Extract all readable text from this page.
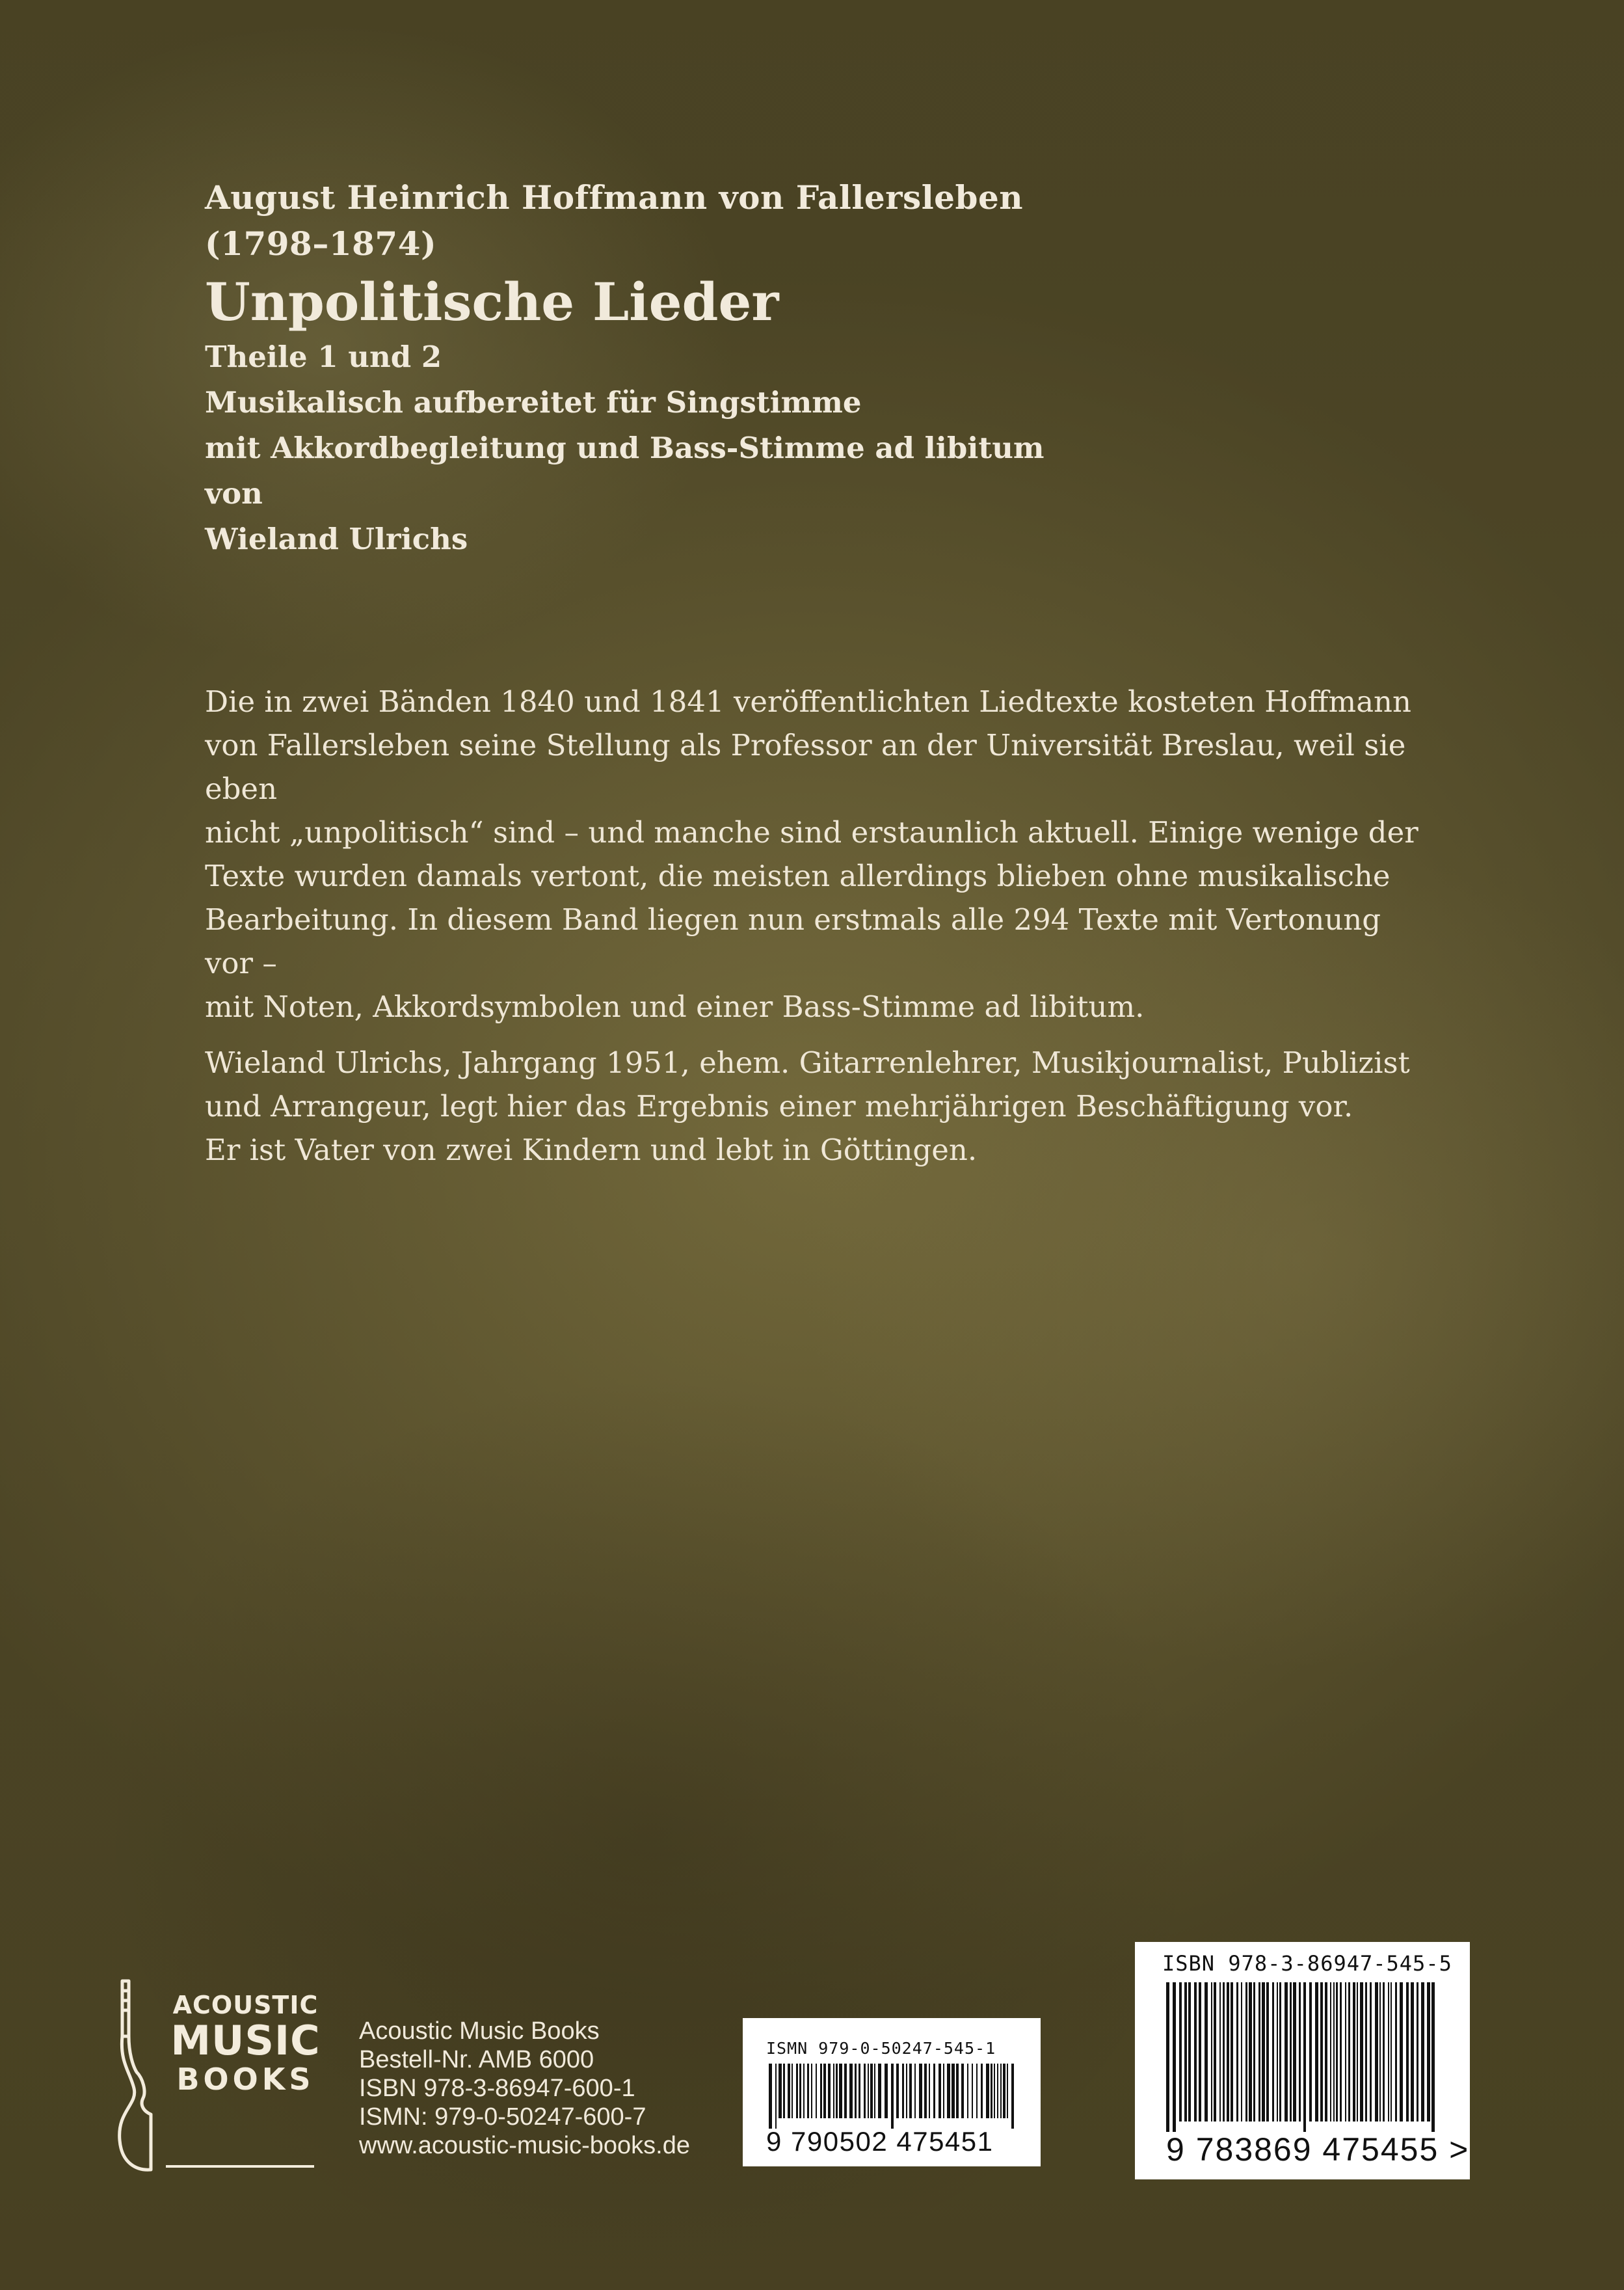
August Heinrich Hoffmann von Fallersleben
(1798–1874)
Unpolitische Lieder
Theile 1 und 2
Musikalisch aufbereitet für Singstimme
mit Akkordbegleitung und Bass-Stimme ad libitum
von
Wieland Ulrichs
Die in zwei Bänden 1840 und 1841 veröffentlichten Liedtexte kosteten Hoffmann
von Fallersleben seine Stellung als Professor an der Universität Breslau, weil sie eben
nicht „unpolitisch“ sind – und manche sind erstaunlich aktuell. Einige wenige der
Texte wurden damals vertont, die meisten allerdings blieben ohne musikalische
Bearbeitung. In diesem Band liegen nun erstmals alle 294 Texte mit Vertonung vor –
mit Noten, Akkordsymbolen und einer Bass-Stimme ad libitum.
Wieland Ulrichs, Jahrgang 1951, ehem. Gitarrenlehrer, Musikjournalist, Publizist
und Arrangeur, legt hier das Ergebnis einer mehrjährigen Beschäftigung vor.
Er ist Vater von zwei Kindern und lebt in Göttingen.
ACOUSTIC
MUSIC
BOOKS
Acoustic Music Books
Bestell-Nr. AMB 6000
ISBN 978-3-86947-600-1
ISMN: 979-0-50247-600-7
www.acoustic-music-books.de
ISMN 979-0-50247-545-1
9 790502 475451
ISBN 978-3-86947-545-5
9 783869 475455 >
